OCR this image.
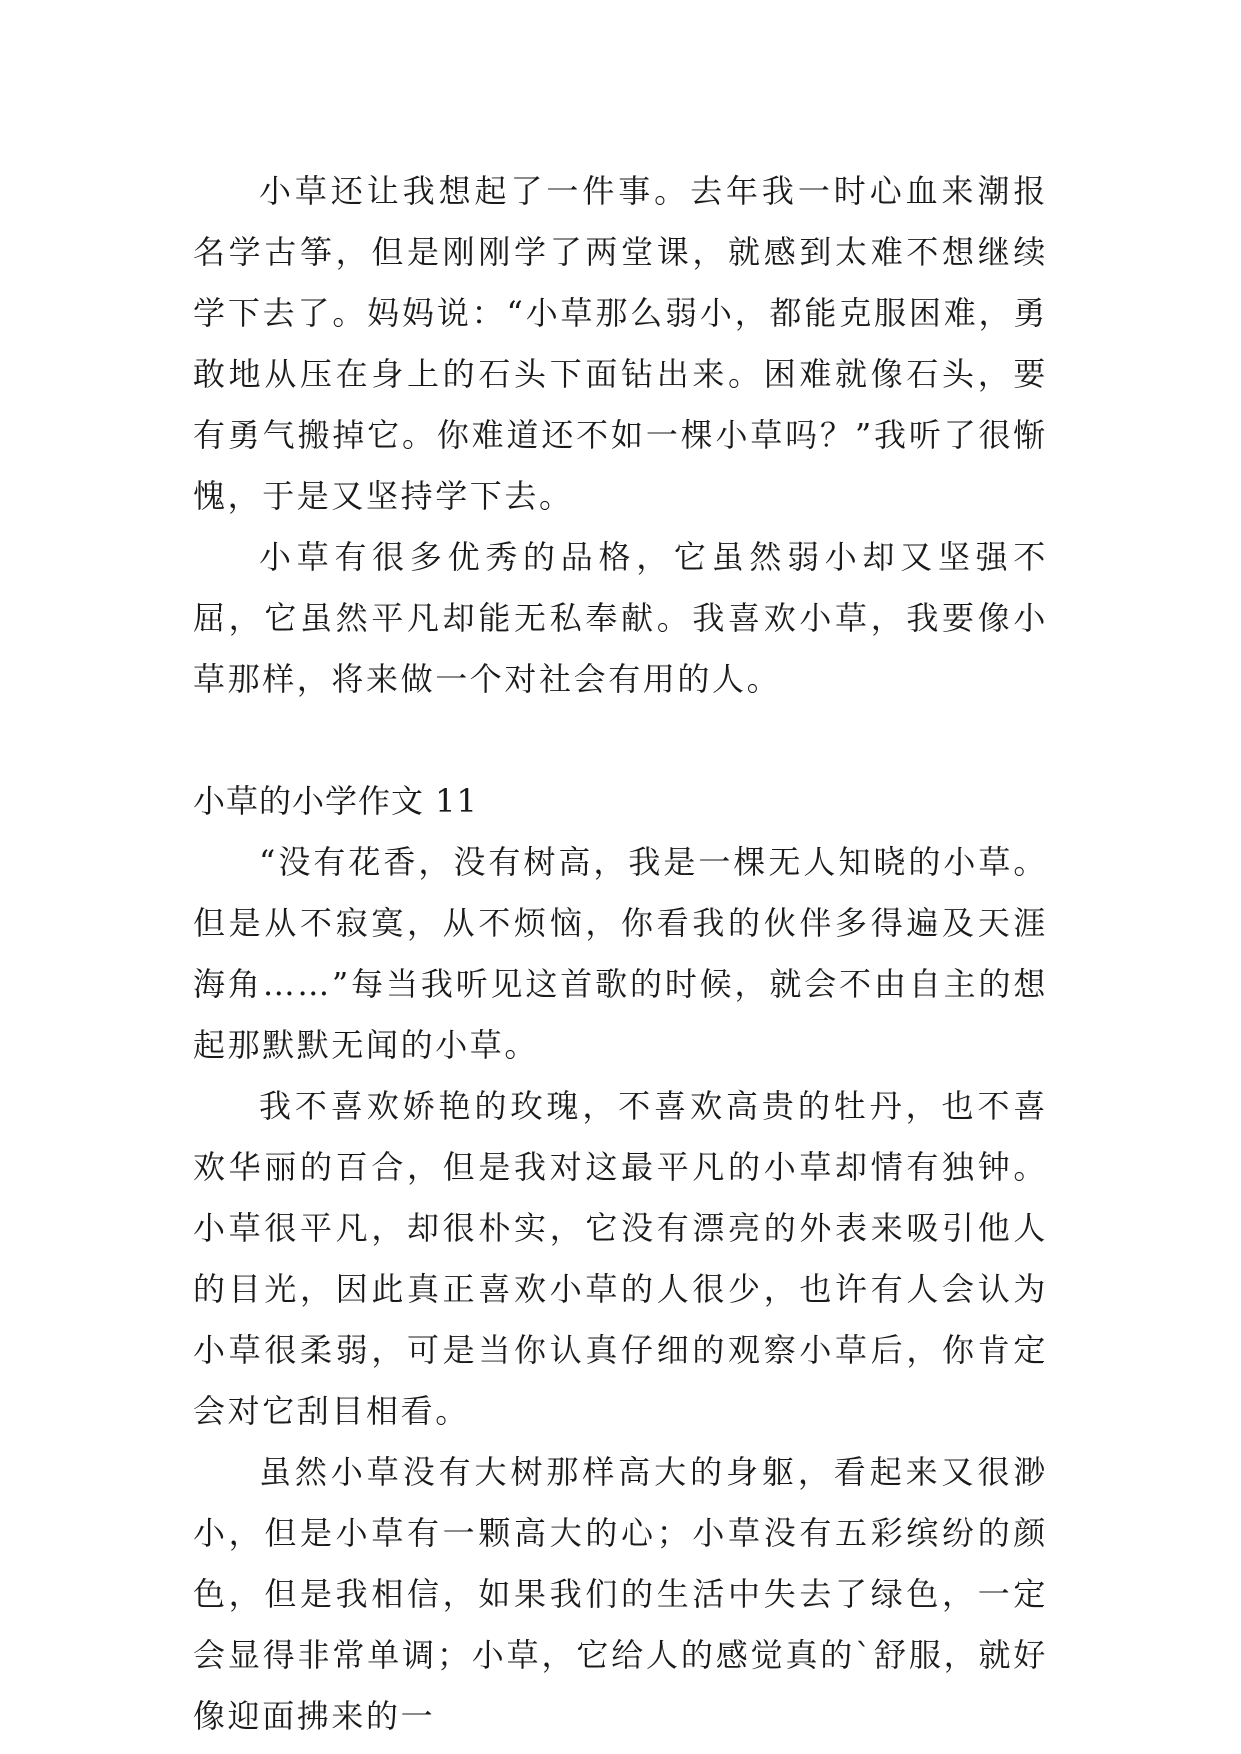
小草还让我想起了一件事。去年我一时心血来潮报名学古筝，但是刚刚学了两堂课，就感到太难不想继续学下去了。妈妈说：“小草那么弱小，都能克服困难，勇敢地从压在身上的石头下面钻出来。困难就像石头，要有勇气搬掉它。你难道还不如一棵小草吗？”我听了很惭愧，于是又坚持学下去。

小草有很多优秀的品格，它虽然弱小却又坚强不屈，它虽然平凡却能无私奉献。我喜欢小草，我要像小草那样，将来做一个对社会有用的人。

小草的小学作文 11

“没有花香，没有树高，我是一棵无人知晓的小草。但是从不寂寞，从不烦恼，你看我的伙伴多得遍及天涯海角……”每当我听见这首歌的时候，就会不由自主的想起那默默无闻的小草。

我不喜欢娇艳的玫瑰，不喜欢高贵的牡丹，也不喜欢华丽的百合，但是我对这最平凡的小草却情有独钟。小草很平凡，却很朴实，它没有漂亮的外表来吸引他人的目光，因此真正喜欢小草的人很少，也许有人会认为小草很柔弱，可是当你认真仔细的观察小草后，你肯定会对它刮目相看。

虽然小草没有大树那样高大的身躯，看起来又很渺小，但是小草有一颗高大的心；小草没有五彩缤纷的颜色，但是我相信，如果我们的生活中失去了绿色，一定会显得非常单调；小草，它给人的感觉真的`舒服，就好像迎面拂来的一
